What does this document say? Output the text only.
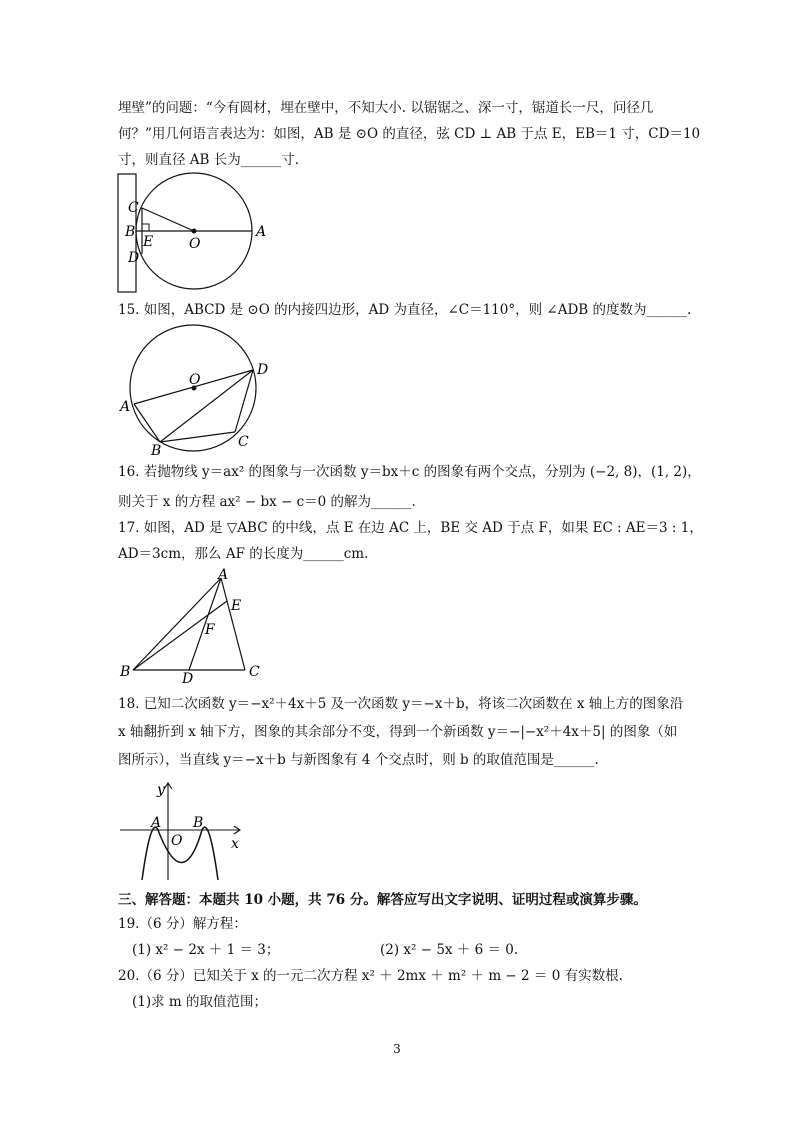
埋壁”的问题：“今有圆材，埋在壁中，不知大小. 以锯锯之、深一寸，锯道长一尺，问径几
何？”用几何语言表达为：如图，AB 是 ⊙O 的直径，弦 CD ⊥ AB 于点 E，EB＝1 寸，CD＝10
寸，则直径 AB 长为______寸.
C
B
E	O
A
D
15. 如图，ABCD 是 ⊙O 的内接四边形，AD 为直径，∠C＝110°，则 ∠ADB 的度数为______.
O
D
A
B
C
16. 若抛物线 y＝ax² 的图象与一次函数 y＝bx＋c 的图象有两个交点，分别为 (−2, 8)，(1, 2)，
则关于 x 的方程 ax² − bx − c＝0 的解为______.
17. 如图，AD 是 ▽ABC 的中线，点 E 在边 AC 上，BE 交 AD 于点 F，如果 EC : AE＝3 : 1，
AD＝3cm，那么 AF 的长度为______cm.
A
E
F
B	D	C
18. 已知二次函数 y＝−x²＋4x＋5 及一次函数 y＝−x＋b，将该二次函数在 x 轴上方的图象沿
x 轴翻折到 x 轴下方，图象的其余部分不变，得到一个新函数 y＝−|−x²＋4x＋5| 的图象（如
图所示），当直线 y＝−x＋b 与新图象有 4 个交点时，则 b 的取值范围是______.
y
x
A
O
B
三、解答题：本题共 10 小题，共 76 分。解答应写出文字说明、证明过程或演算步骤。
19.（6 分）解方程：
(1) x² − 2x ＋ 1 ＝ 3；	(2) x² − 5x ＋ 6 ＝ 0.
20.（6 分）已知关于 x 的一元二次方程 x² ＋ 2mx ＋ m² ＋ m − 2 ＝ 0 有实数根.
(1)求 m 的取值范围；
3
